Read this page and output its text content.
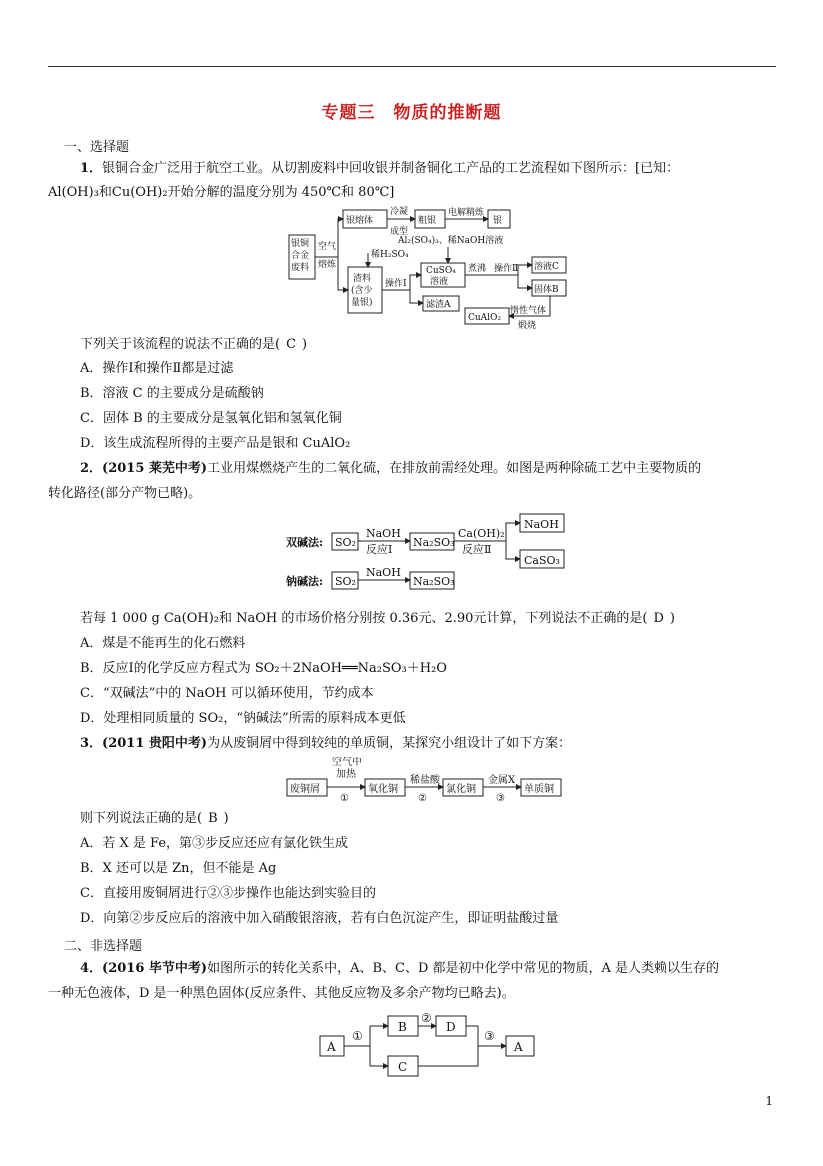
专题三　物质的推断题
一、选择题
1．银铜合金广泛用于航空工业。从切割废料中回收银并制备铜化工产品的工艺流程如下图所示：[已知：
Al(OH)₃和Cu(OH)₂开始分解的温度分别为 450℃和 80℃]
银铜
合金
废料
空气
熔炼
银熔体
冷凝
成型
粗银
电解精炼
银
稀H₂SO₄
渣料
(含少
量银)
操作Ⅰ
Al₂(SO₄)₃、稀NaOH溶液
CuSO₄
溶液
煮沸 操作Ⅱ 溶液C
固体B
滤渣A
CuAlO₂
惰性气体
煅烧
下列关于该流程的说法不正确的是( C )
A．操作Ⅰ和操作Ⅱ都是过滤
B．溶液 C 的主要成分是硫酸钠
C．固体 B 的主要成分是氢氧化铝和氢氧化铜
D．该生成流程所得的主要产品是银和 CuAlO₂
2．(2015 莱芜中考)工业用煤燃烧产生的二氧化硫，在排放前需经处理。如图是两种除硫工艺中主要物质的
转化路径(部分产物已略)。
双碱法:
钠碱法:
SO₂
NaOH
反应Ⅰ
Na₂SO₃
Ca(OH)₂
反应Ⅱ
NaOH
CaSO₃
SO₂
NaOH
Na₂SO₃
若每 1 000 g Ca(OH)₂和 NaOH 的市场价格分别按 0.36元、2.90元计算，下列说法不正确的是( D )
A．煤是不能再生的化石燃料
B．反应Ⅰ的化学反应方程式为 SO₂＋2NaOH══Na₂SO₃＋H₂O
C．“双碱法”中的 NaOH 可以循环使用，节约成本
D．处理相同质量的 SO₂，“钠碱法”所需的原料成本更低
3．(2011 贵阳中考)为从废铜屑中得到较纯的单质铜，某探究小组设计了如下方案：
废铜屑
空气中
加热
①
氧化铜
稀盐酸
②
氯化铜
金属X
③
单质铜
则下列说法正确的是( B )
A．若 X 是 Fe，第③步反应还应有氯化铁生成
B．X 还可以是 Zn，但不能是 Ag
C．直接用废铜屑进行②③步操作也能达到实验目的
D．向第②步反应后的溶液中加入硝酸银溶液，若有白色沉淀产生，即证明盐酸过量
二、非选择题
4．(2016 毕节中考)如图所示的转化关系中，A、B、C、D 都是初中化学中常见的物质，A 是人类赖以生存的
一种无色液体，D 是一种黑色固体(反应条件、其他反应物及多余产物均已略去)。
A
①
B
②
D
③
A
C
1
